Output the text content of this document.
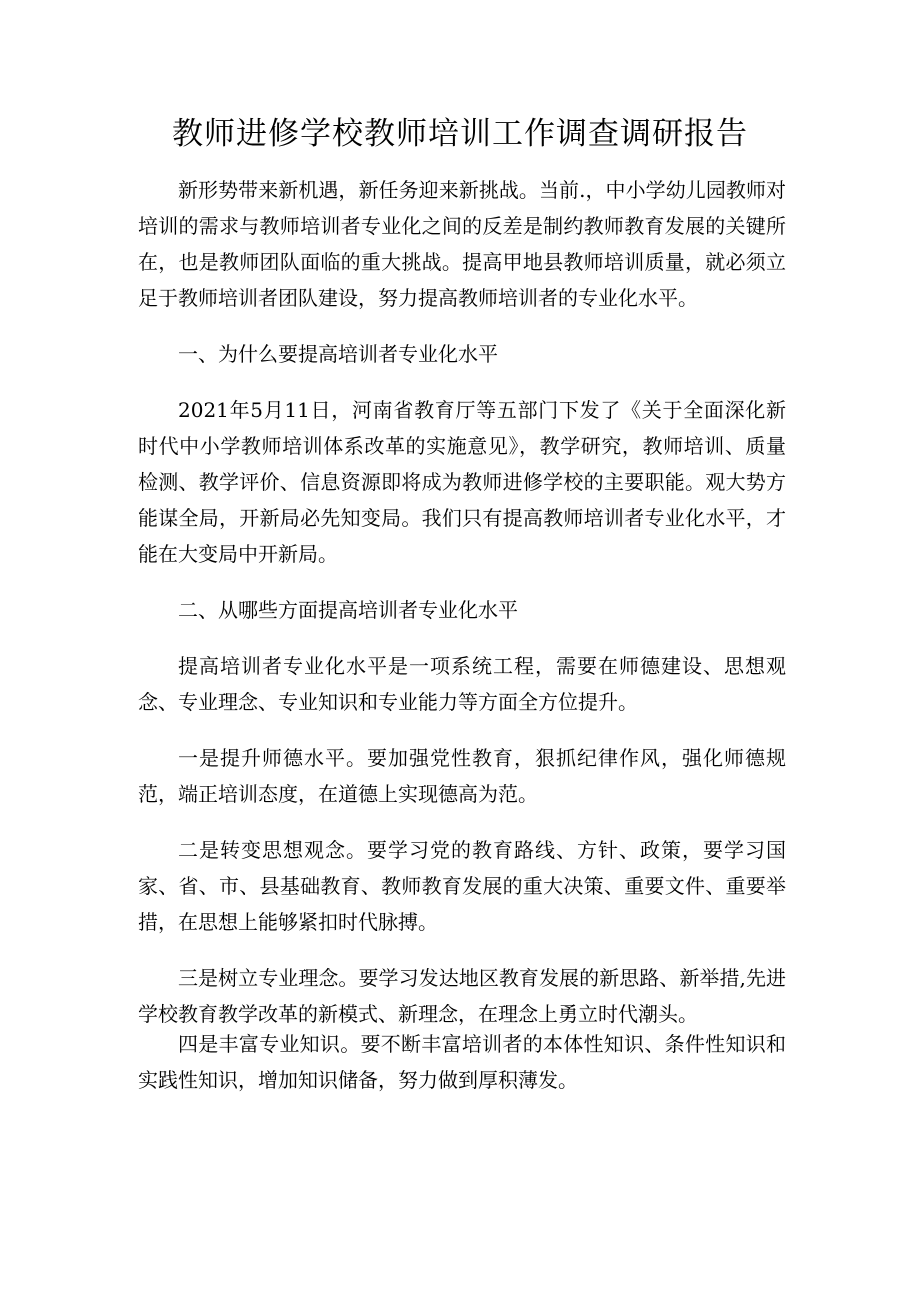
教师进修学校教师培训工作调查调研报告

新形势带来新机遇，新任务迎来新挑战。当前.，中小学幼儿园教师对培训的需求与教师培训者专业化之间的反差是制约教师教育发展的关键所在，也是教师团队面临的重大挑战。提高甲地县教师培训质量，就必须立足于教师培训者团队建设，努力提高教师培训者的专业化水平。

一、为什么要提高培训者专业化水平

2021年5月11日，河南省教育厅等五部门下发了《关于全面深化新时代中小学教师培训体系改革的实施意见》，教学研究，教师培训、质量检测、教学评价、信息资源即将成为教师进修学校的主要职能。观大势方能谋全局，开新局必先知变局。我们只有提高教师培训者专业化水平，才能在大变局中开新局。

二、从哪些方面提高培训者专业化水平

提高培训者专业化水平是一项系统工程，需要在师德建设、思想观念、专业理念、专业知识和专业能力等方面全方位提升。

一是提升师德水平。要加强党性教育，狠抓纪律作风，强化师德规范，端正培训态度，在道德上实现德高为范。

二是转变思想观念。要学习党的教育路线、方针、政策，要学习国家、省、市、县基础教育、教师教育发展的重大决策、重要文件、重要举措，在思想上能够紧扣时代脉搏。

三是树立专业理念。要学习发达地区教育发展的新思路、新举措,先进学校教育教学改革的新模式、新理念，在理念上勇立时代潮头。

四是丰富专业知识。要不断丰富培训者的本体性知识、条件性知识和实践性知识，增加知识储备，努力做到厚积薄发。
